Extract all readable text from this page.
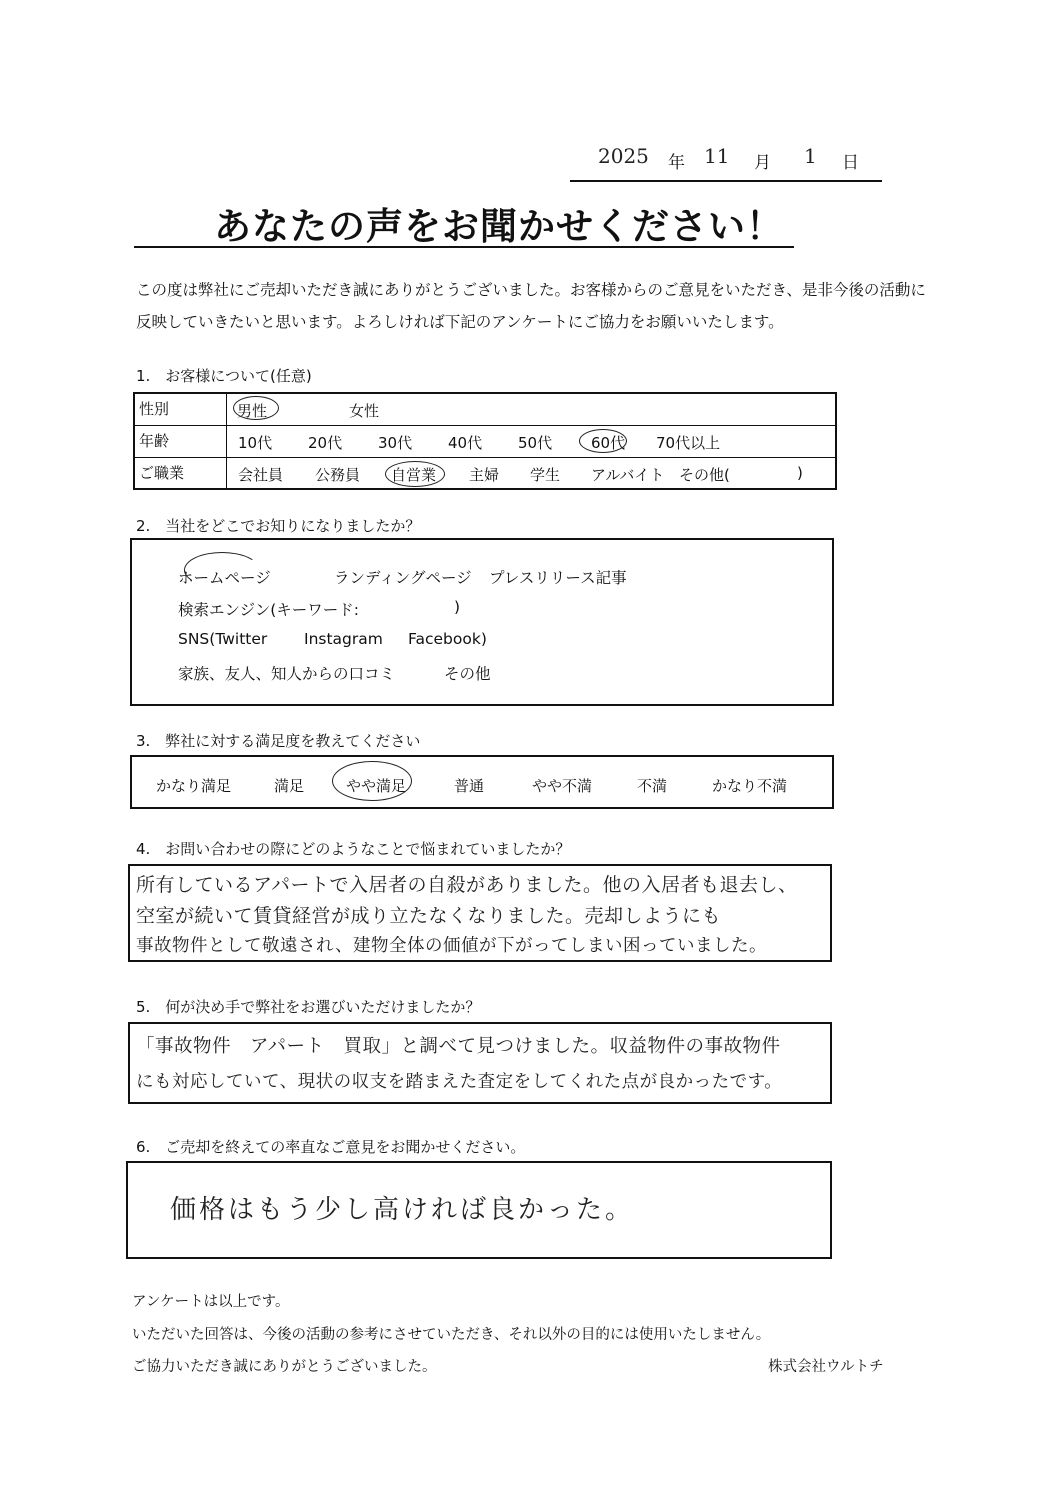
2025 年 11 月 1 日
あなたの声をお聞かせください！
この度は弊社にご売却いただき誠にありがとうございました。お客様からのご意見をいただき、是非今後の活動に
反映していきたいと思います。よろしければ下記のアンケートにご協力をお願いいたします。
1.　お客様について(任意)
性別	男性	女性
年齢	10代 20代 30代 40代 50代	60代 70代以上
ご職業	会社員 公務員 自営業 主婦 学生 アルバイト その他(	)
2.　当社をどこでお知りになりましたか？
ホームページ	ランディングページ プレスリリース記事
検索エンジン(キーワード:	)
SNS(Twitter Instagram Facebook)
家族、友人、知人からの口コミ	その他
3.　弊社に対する満足度を教えてください
かなり満足	満足	やや満足	普通	やや不満	不満	かなり不満
4.　お問い合わせの際にどのようなことで悩まれていましたか？
所有しているアパートで入居者の自殺がありました。他の入居者も退去し、
空室が続いて賃貸経営が成り立たなくなりました。売却しようにも
事故物件として敬遠され、建物全体の価値が下がってしまい困っていました。
5.　何が決め手で弊社をお選びいただけましたか？
「事故物件　アパート　買取」と調べて見つけました。収益物件の事故物件
にも対応していて、現状の収支を踏まえた査定をしてくれた点が良かったです。
6.　ご売却を終えての率直なご意見をお聞かせください。
価格はもう少し高ければ良かった。
アンケートは以上です。
いただいた回答は、今後の活動の参考にさせていただき、それ以外の目的には使用いたしません。
ご協力いただき誠にありがとうございました。	株式会社ウルトチ
